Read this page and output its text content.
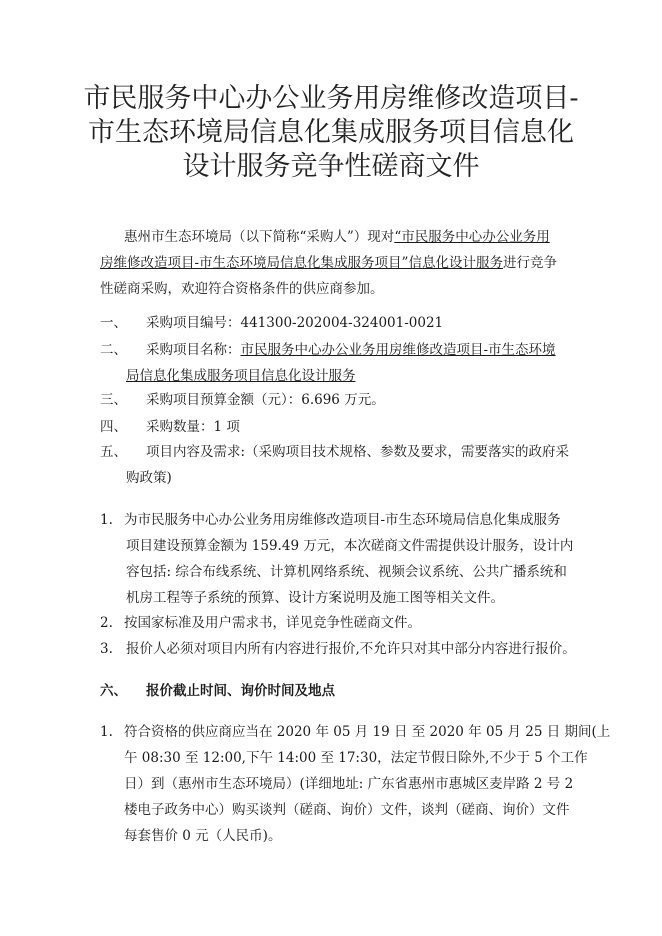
市民服务中心办公业务用房维修改造项目-
市生态环境局信息化集成服务项目信息化
设计服务竞争性磋商文件
惠州市生态环境局（以下简称“采购人”）现对“市民服务中心办公业务用
房维修改造项目-市生态环境局信息化集成服务项目”信息化设计服务进行竞争
性磋商采购，欢迎符合资格条件的供应商参加。
一、 采购项目编号：441300-202004-324001-0021
二、 采购项目名称：市民服务中心办公业务用房维修改造项目-市生态环境
局信息化集成服务项目信息化设计服务
三、 采购项目预算金额（元）：6.696 万元。
四、 采购数量：1 项
五、 项目内容及需求:（采购项目技术规格、参数及要求，需要落实的政府采
购政策)
1. 为市民服务中心办公业务用房维修改造项目-市生态环境局信息化集成服务
项目建设预算金额为 159.49 万元，本次磋商文件需提供设计服务，设计内
容包括: 综合布线系统、计算机网络系统、视频会议系统、公共广播系统和
机房工程等子系统的预算、设计方案说明及施工图等相关文件。
2. 按国家标准及用户需求书，详见竞争性磋商文件。
3. 报价人必须对项目内所有内容进行报价,不允许只对其中部分内容进行报价。
六、 报价截止时间、询价时间及地点
1. 符合资格的供应商应当在 2020 年 05 月 19 日 至 2020 年 05 月 25 日 期间(上
午 08:30 至 12:00,下午 14:00 至 17:30，法定节假日除外,不少于 5 个工作
日）到（惠州市生态环境局）(详细地址: 广东省惠州市惠城区麦岸路 2 号 2
楼电子政务中心）购买谈判（磋商、询价）文件，谈判（磋商、询价）文件
每套售价 0 元（人民币)。
